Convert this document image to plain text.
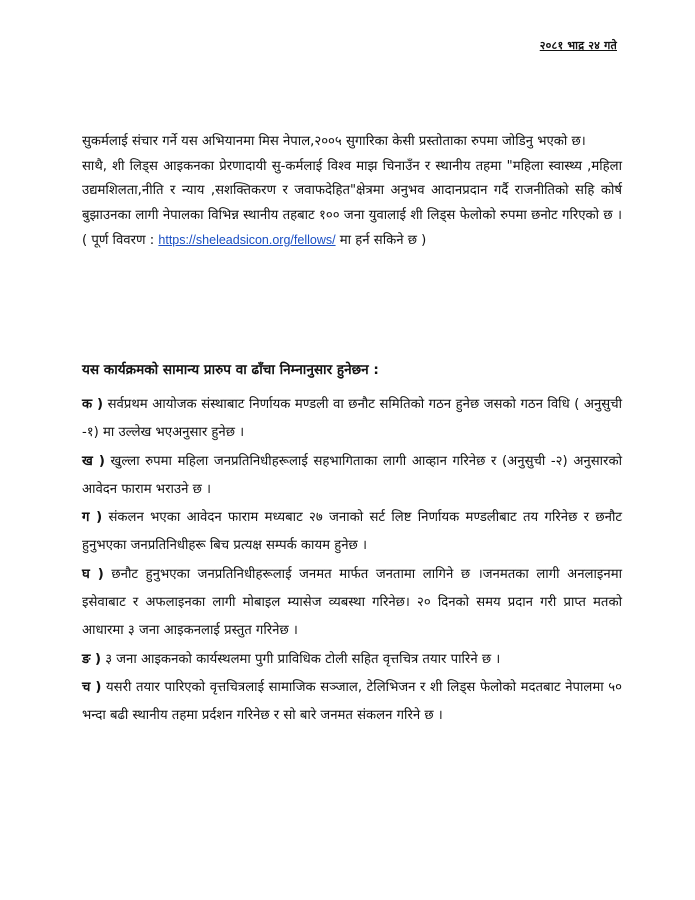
२०८१ भाद्र २४ गते

सुकर्मलाई संचार गर्ने यस अभियानमा मिस नेपाल,२००५ सुगारिका केसी प्रस्तोताका रुपमा जोडिनु भएको छ।

साथै, शी लिड्स आइकनका प्रेरणादायी सु-कर्मलाई विश्व माझ चिनाउँन र स्थानीय तहमा "महिला स्वास्थ्य ,महिला उद्यमशिलता,नीति र न्याय ,सशक्तिकरण र जवाफदेहित"क्षेत्रमा अनुभव आदानप्रदान गर्दै राजनीतिको सहि कोर्ष बुझाउनका लागी नेपालका विभिन्न स्थानीय तहबाट १०० जना युवालाई शी लिड्स फेलोको रुपमा छनोट गरिएको छ । ( पूर्ण विवरण : https://sheleadsicon.org/fellows/ मा हर्न सकिने छ )

यस कार्यक्रमको सामान्य प्रारुप वा ढाँचा निम्नानुसार हुनेछन :

क ) सर्वप्रथम आयोजक संस्थाबाट निर्णायक मण्डली वा छनौट समितिको गठन हुनेछ जसको गठन विधि ( अनुसुची -१) मा उल्लेख भएअनुसार हुनेछ ।

ख ) खुल्ला रुपमा महिला जनप्रतिनिधीहरूलाई सहभागिताका लागी आव्हान गरिनेछ र (अनुसुची -२) अनुसारको आवेदन फाराम भराउने छ ।

ग ) संकलन भएका आवेदन फाराम मध्यबाट २७ जनाको सर्ट लिष्ट निर्णायक मण्डलीबाट तय गरिनेछ र छनौट हुनुभएका जनप्रतिनिधीहरू बिच प्रत्यक्ष सम्पर्क कायम हुनेछ ।

घ ) छनौट हुनुभएका जनप्रतिनिधीहरूलाई जनमत मार्फत जनतामा लागिने छ ।जनमतका लागी अनलाइनमा इसेवाबाट र अफलाइनका लागी मोबाइल म्यासेज व्यबस्था गरिनेछ। २० दिनको समय प्रदान गरी प्राप्त मतको आधारमा ३ जना आइकनलाई प्रस्तुत गरिनेछ ।

ङ ) ३ जना आइकनको कार्यस्थलमा पुगी प्राविधिक टोली सहित वृत्तचित्र तयार पारिने छ ।

च ) यसरी तयार पारिएको वृत्तचित्रलाई सामाजिक सञ्जाल, टेलिभिजन र शी लिड्स फेलोको मदतबाट नेपालमा ५० भन्दा बढी स्थानीय तहमा प्रर्दशन गरिनेछ र सो बारे जनमत संकलन गरिने छ ।
